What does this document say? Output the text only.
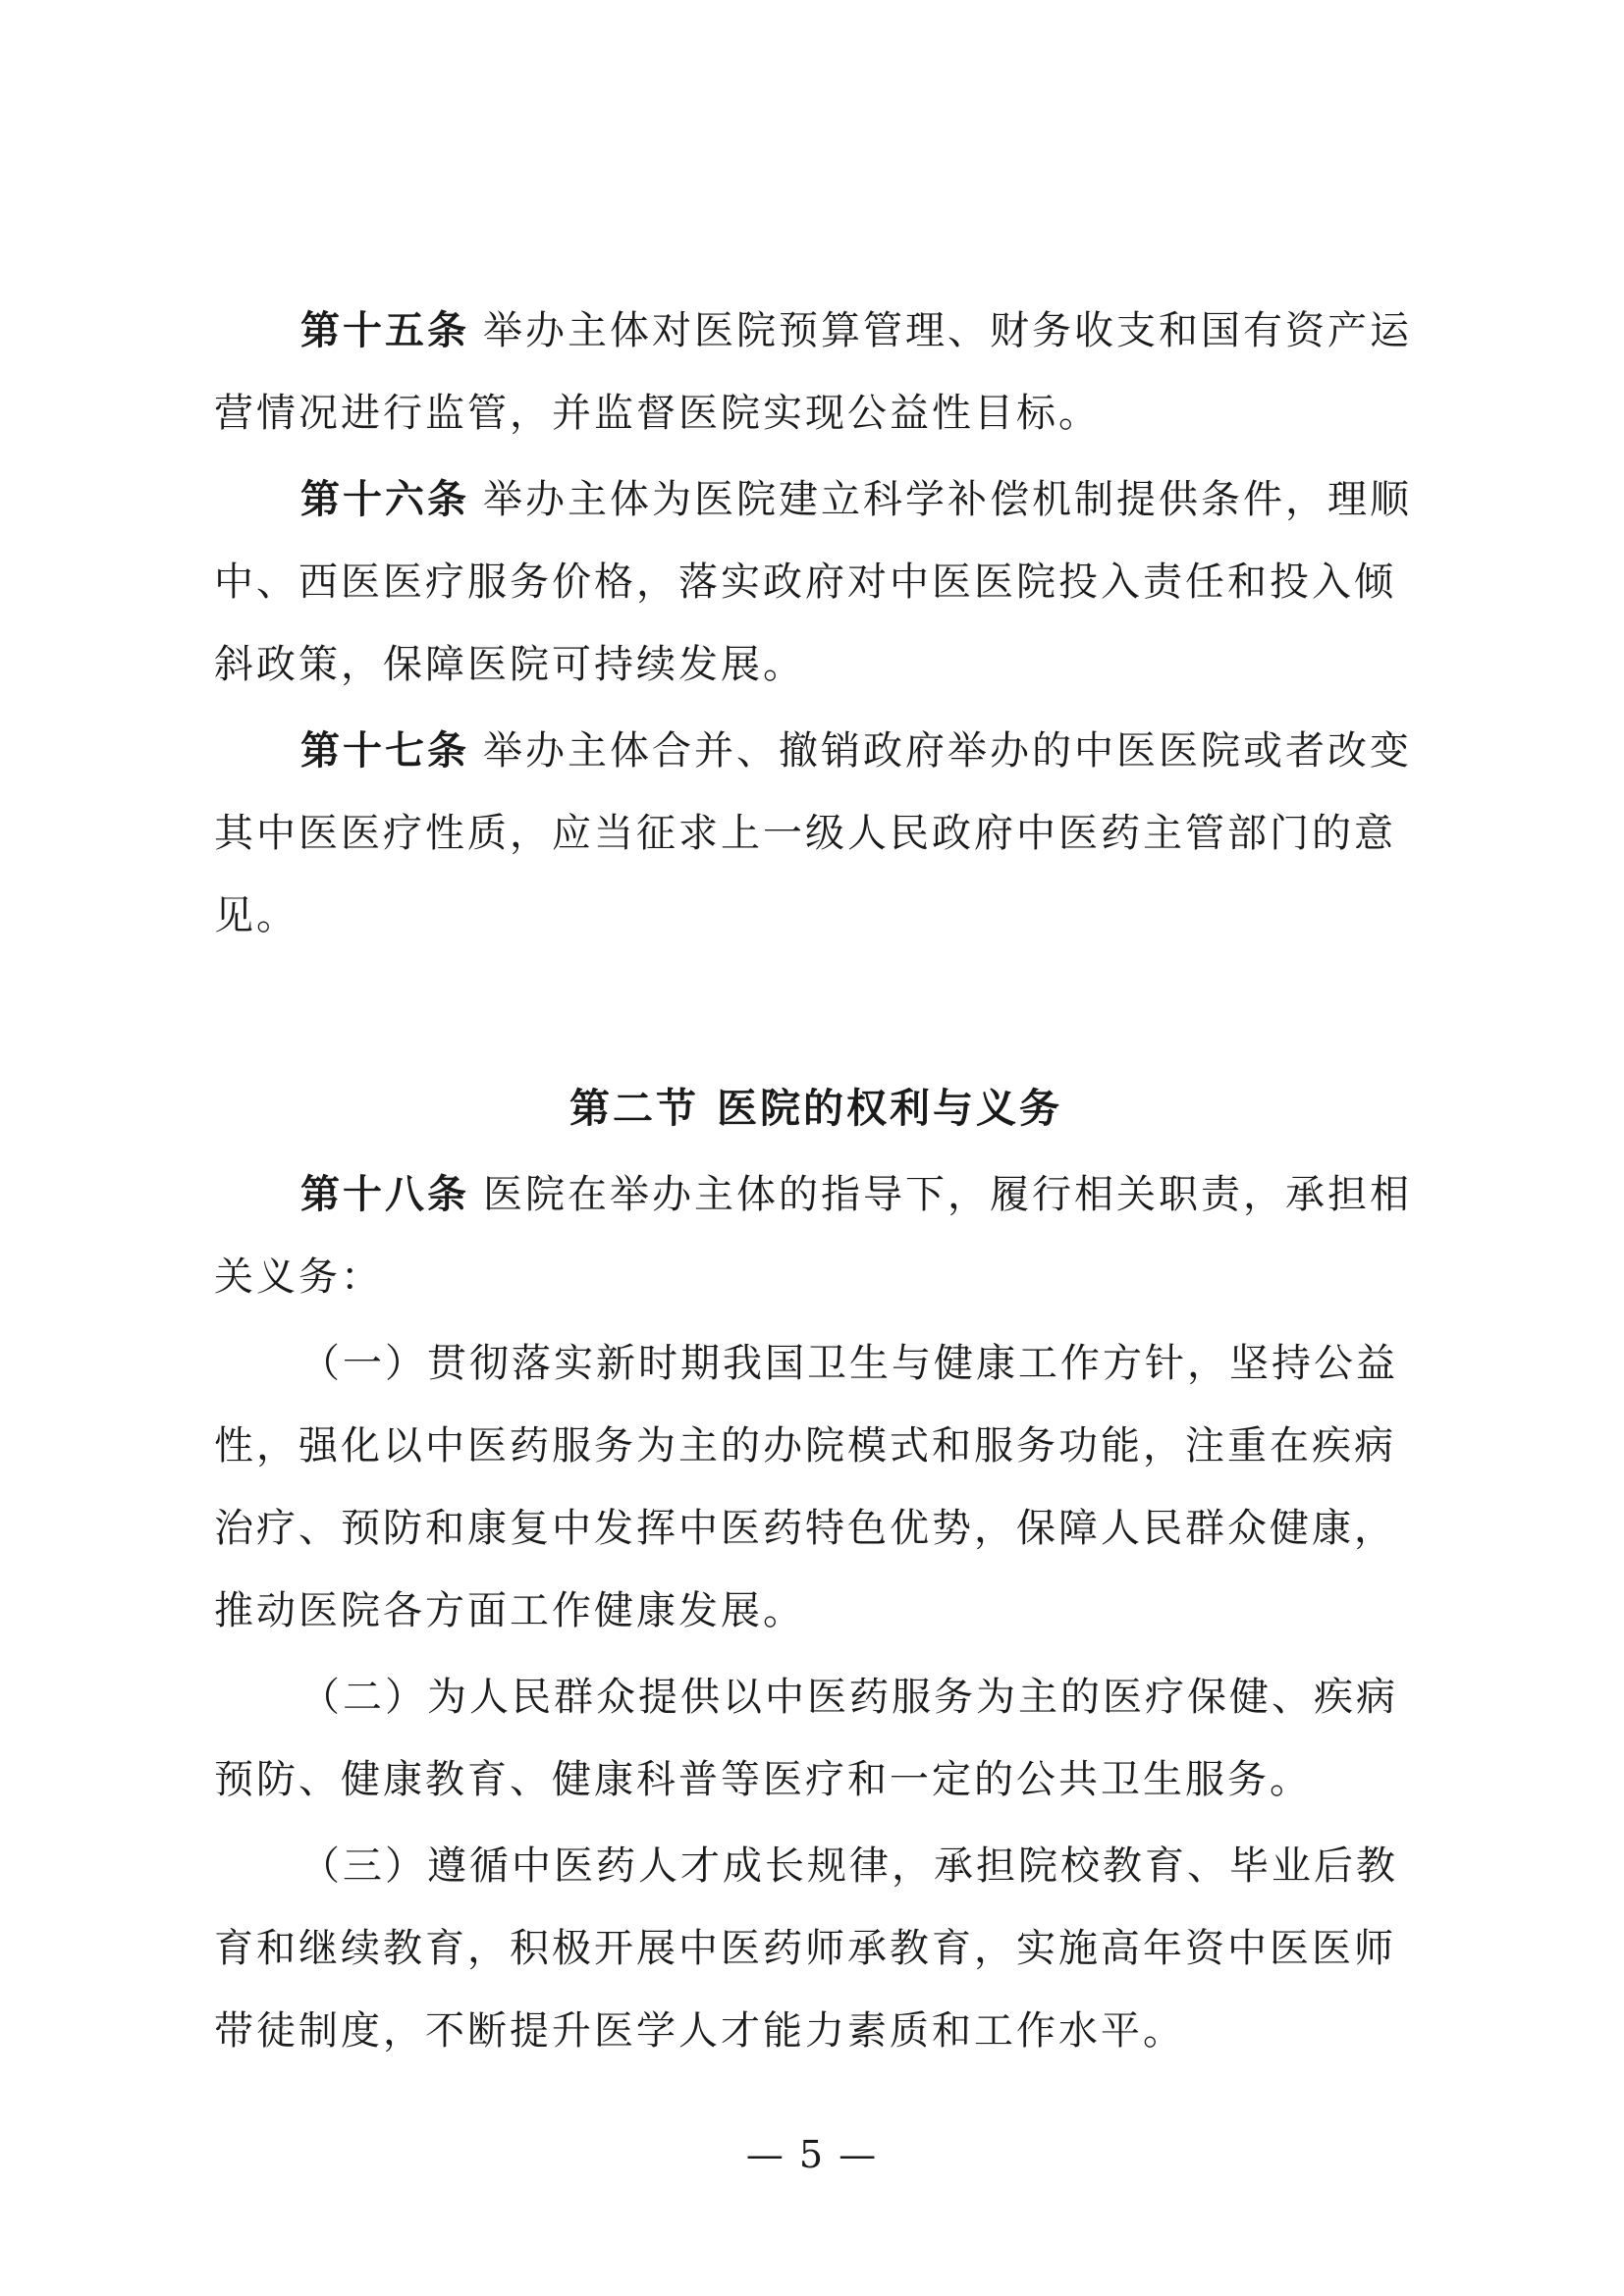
第十五条 举办主体对医院预算管理、财务收支和国有资产运营情况进行监管，并监督医院实现公益性目标。

第十六条 举办主体为医院建立科学补偿机制提供条件，理顺中、西医医疗服务价格，落实政府对中医医院投入责任和投入倾斜政策，保障医院可持续发展。

第十七条 举办主体合并、撤销政府举办的中医医院或者改变其中医医疗性质，应当征求上一级人民政府中医药主管部门的意见。

第二节 医院的权利与义务

第十八条 医院在举办主体的指导下，履行相关职责，承担相关义务：

（一）贯彻落实新时期我国卫生与健康工作方针，坚持公益性，强化以中医药服务为主的办院模式和服务功能，注重在疾病治疗、预防和康复中发挥中医药特色优势，保障人民群众健康，推动医院各方面工作健康发展。

（二）为人民群众提供以中医药服务为主的医疗保健、疾病预防、健康教育、健康科普等医疗和一定的公共卫生服务。

（三）遵循中医药人才成长规律，承担院校教育、毕业后教育和继续教育，积极开展中医药师承教育，实施高年资中医医师带徒制度，不断提升医学人才能力素质和工作水平。

— 5 —
